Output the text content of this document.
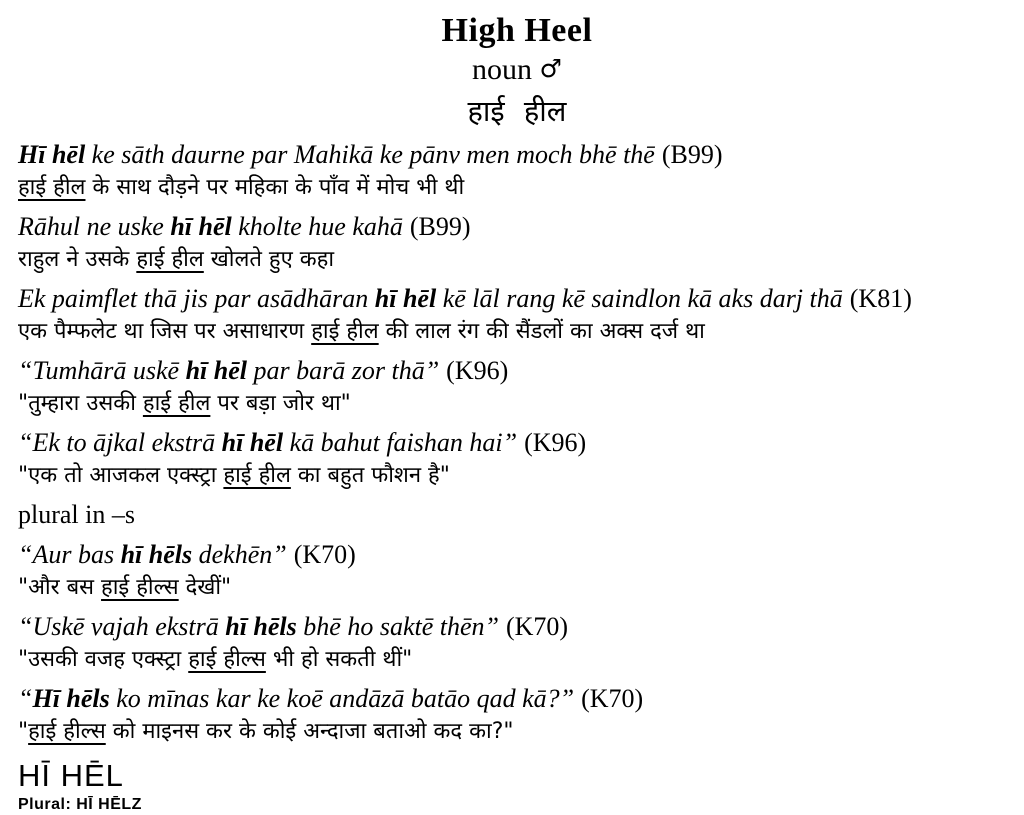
High Heel
noun ♂
हाई हील

Hī hēl ke sāth daurne par Mahikā ke pānv men moch bhē thē (B99)

हाई हील के साथ दौड़ने पर महिका के पाँव में मोच भी थी

Rāhul ne uske hī hēl kholte hue kahā (B99)

राहुल ने उसके हाई हील खोलते हुए कहा

Ek paimflet thā jis par asādhāran hī hēl kē lāl rang kē saindlon kā aks darj thā (K81)

एक पैम्फलेट था जिस पर असाधारण हाई हील की लाल रंग की सैंडलों का अक्स दर्ज था

“Tumhārā uskē hī hēl par barā zor thā” (K96)

"तुम्हारा उसकी हाई हील पर बड़ा जोर था"

“Ek to ājkal ekstrā hī hēl kā bahut faishan hai” (K96)

"एक तो आजकल एक्स्ट्रा हाई हील का बहुत फौशन है"

plural in –s

“Aur bas hī hēls dekhēn” (K70)

"और बस हाई हील्स देखीं"

“Uskē vajah ekstrā hī hēls bhē ho saktē thēn” (K70)

"उसकी वजह एक्स्ट्रा हाई हील्स भी हो सकती थीं"

“Hī hēls ko mīnas kar ke koē andāzā batāo qad kā?” (K70)

"हाई हील्स को माइनस कर के कोई अन्दाजा बताओ कद का?"

HĪ HĒL
Plural: HĪ HĒLZ
